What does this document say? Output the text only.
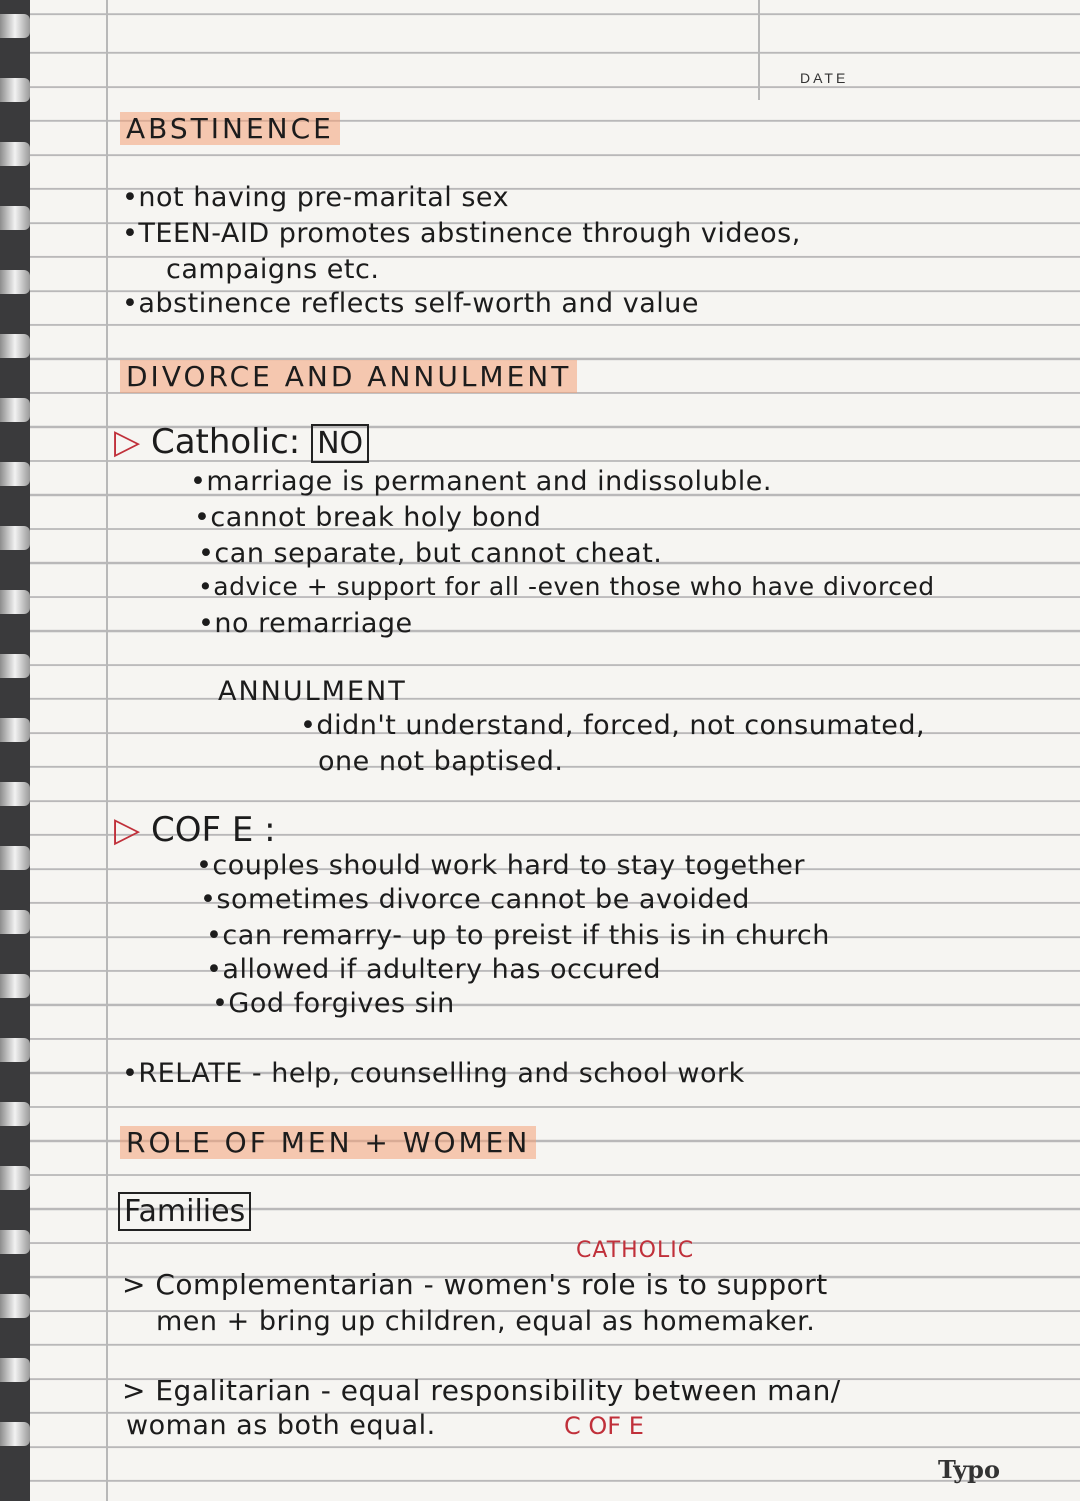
DATE
ABSTINENCE
•not having pre-marital sex
•TEEN-AID promotes abstinence through videos,
campaigns etc.
•abstinence reflects self-worth and value
DIVORCE AND ANNULMENT
▷ Catholic: NO
•marriage is permanent and indissoluble.
•cannot break holy bond
•can separate, but cannot cheat.
•advice + support for all -even those who have divorced
•no remarriage
ANNULMENT
•didn't understand, forced, not consumated,
one not baptised.
▷ COF E :
•couples should work hard to stay together
•sometimes divorce cannot be avoided
•can remarry- up to preist if this is in church
•allowed if adultery has occured
•God forgives sin
•RELATE - help, counselling and school work
ROLE OF MEN + WOMEN
Families
CATHOLIC
> Complementarian - women's role is to support
men + bring up children, equal as homemaker.
> Egalitarian - equal responsibility between man/
woman as both equal.	C OF E
Typo
